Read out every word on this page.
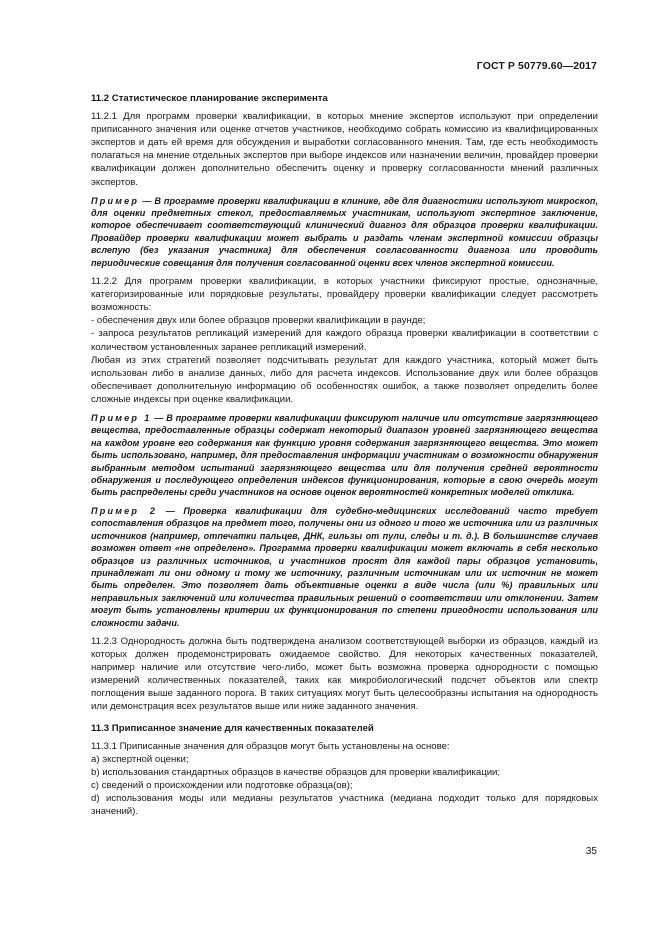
ГОСТ Р 50779.60—2017

11.2 Статистическое планирование эксперимента

11.2.1 Для программ проверки квалификации, в которых мнение экспертов используют при определении приписанного значения или оценке отчетов участников, необходимо собрать комиссию из квалифицированных экспертов и дать ей время для обсуждения и выработки согласованного мнения. Там, где есть необходимость полагаться на мнение отдельных экспертов при выборе индексов или назначении величин, провайдер проверки квалификации должен дополнительно обеспечить оценку и проверку согласованности мнений различных экспертов.

Пример — В программе проверки квалификации в клинике, где для диагностики используют микроскоп, для оценки предметных стекол, предоставляемых участникам, используют экспертное заключение, которое обеспечивает соответствующий клинический диагноз для образцов проверки квалификации. Провайдер проверки квалификации может выбрать и раздать членам экспертной комиссии образцы вслепую (без указания участника) для обеспечения согласованности диагноза или проводить периодические совещания для получения согласованной оценки всех членов экспертной комиссии.

11.2.2 Для программ проверки квалификации, в которых участники фиксируют простые, однозначные, категоризированные или порядковые результаты, провайдеру проверки квалификации следует рассмотреть возможность:

- обеспечения двух или более образцов проверки квалификации в раунде;

- запроса результатов репликаций измерений для каждого образца проверки квалификации в соответствии с количеством установленных заранее репликаций измерений.

Любая из этих стратегий позволяет подсчитывать результат для каждого участника, который может быть использован либо в анализе данных, либо для расчета индексов. Использование двух или более образцов обеспечивает дополнительную информацию об особенностях ошибок, а также позволяет определить более сложные индексы при оценке квалификации.

Пример 1 — В программе проверки квалификации фиксируют наличие или отсутствие загрязняющего вещества, предоставленные образцы содержат некоторый диапазон уровней загрязняющего вещества на каждом уровне его содержания как функцию уровня содержания загрязняющего вещества. Это может быть использовано, например, для предоставления информации участникам о возможности обнаружения выбранным методом испытаний загрязняющего вещества или для получения средней вероятности обнаружения и последующего определения индексов функционирования, которые в свою очередь могут быть распределены среди участников на основе оценок вероятностей конкретных моделей отклика.

Пример 2 — Проверка квалификации для судебно-медицинских исследований часто требует сопоставления образцов на предмет того, получены они из одного и того же источника или из различных источников (например, отпечатки пальцев, ДНК, гильзы от пули, следы и т. д.). В большинстве случаев возможен ответ «не определено». Программа проверки квалификации может включать в себя несколько образцов из различных источников, и участников просят для каждой пары образцов установить, принадлежат ли они одному и тому же источнику, различным источникам или их источник не может быть определен. Это позволяет дать объективные оценки в виде числа (или %) правильных или неправильных заключений или количества правильных решений о соответствии или отклонении. Затем могут быть установлены критерии их функционирования по степени пригодности использования или сложности задачи.

11.2.3 Однородность должна быть подтверждена анализом соответствующей выборки из образцов, каждый из которых должен продемонстрировать ожидаемое свойство. Для некоторых качественных показателей, например наличие или отсутствие чего-либо, может быть возможна проверка однородности с помощью измерений количественных показателей, таких как микробиологический подсчет объектов или спектр поглощения выше заданного порога. В таких ситуациях могут быть целесообразны испытания на однородность или демонстрация всех результатов выше или ниже заданного значения.

11.3 Приписанное значение для качественных показателей

11.3.1 Приписанные значения для образцов могут быть установлены на основе:

а) экспертной оценки;

b) использования стандартных образцов в качестве образцов для проверки квалификации;

с) сведений о происхождении или подготовке образца(ов);

d) использования моды или медианы результатов участника (медиана подходит только для порядковых значений).

35
